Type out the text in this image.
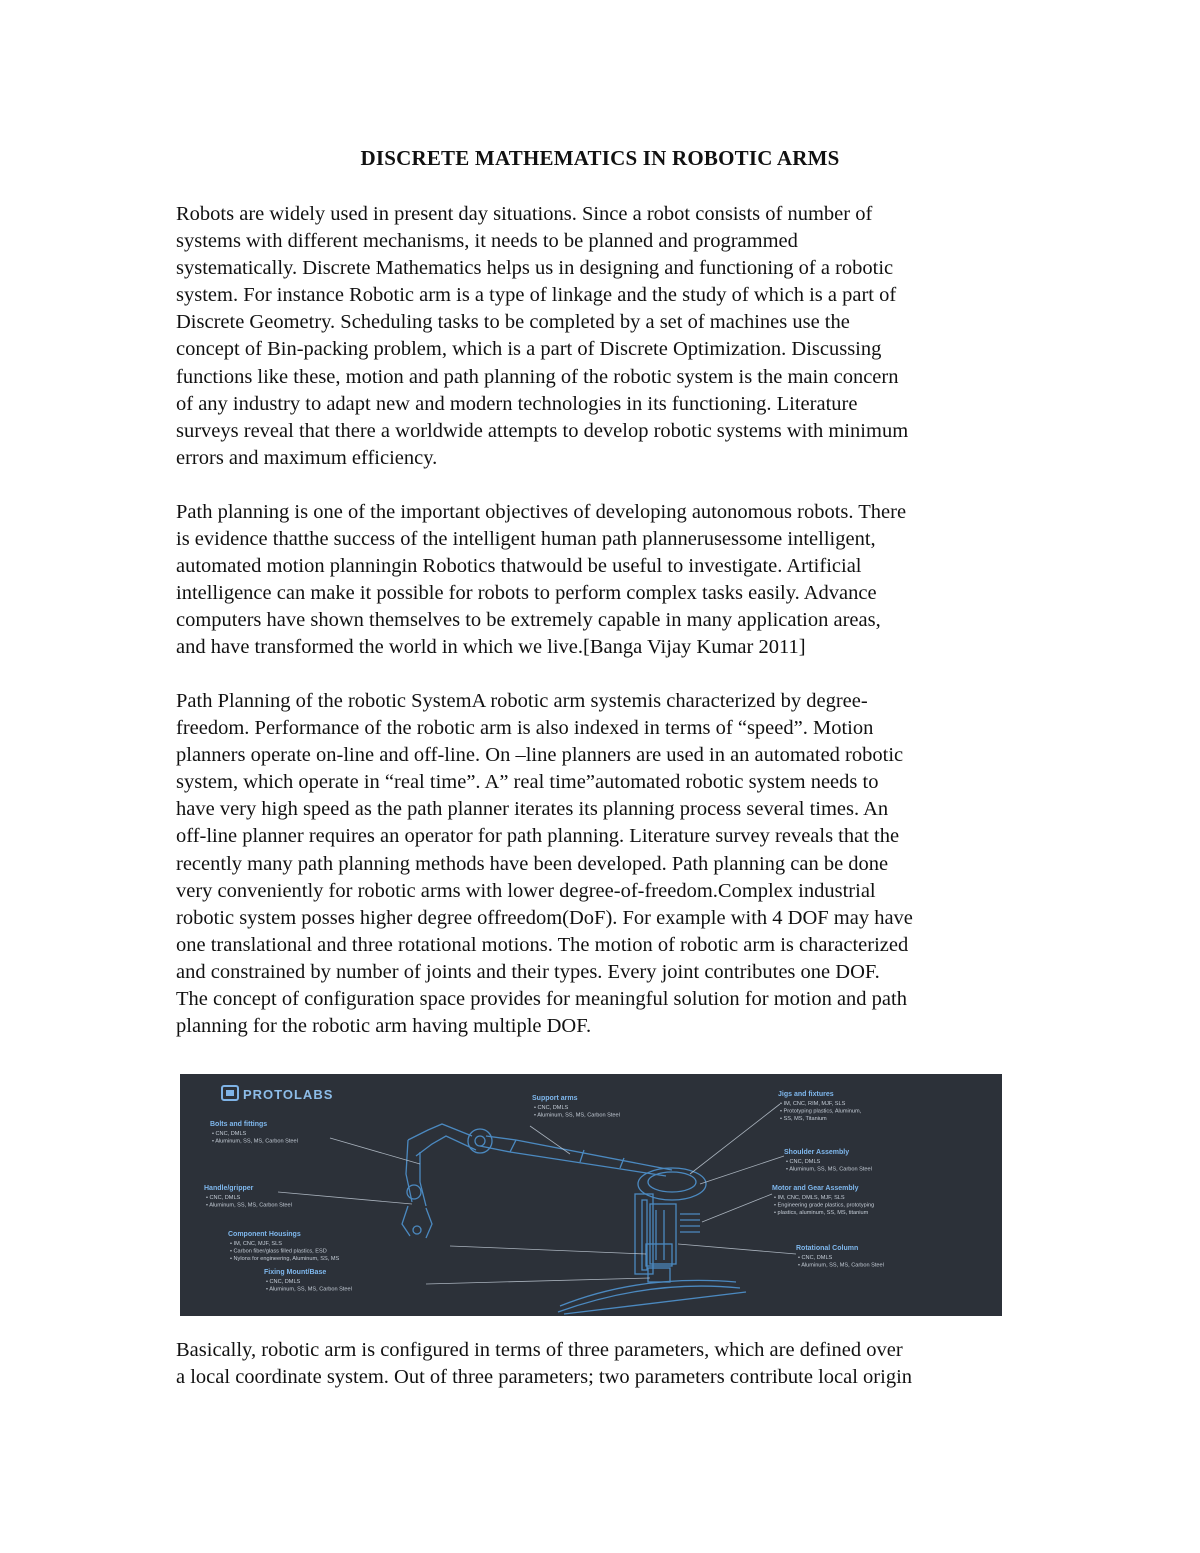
DISCRETE MATHEMATICS IN ROBOTIC ARMS
Robots are widely used in present day situations. Since a robot consists of number of
systems with different mechanisms, it needs to be planned and programmed
systematically. Discrete Mathematics helps us in designing and functioning of a robotic
system. For instance Robotic arm is a type of linkage and the study of which is a part of
Discrete Geometry. Scheduling tasks to be completed by a set of machines use the
concept of Bin-packing problem, which is a part of Discrete Optimization. Discussing
functions like these, motion and path planning of the robotic system is the main concern
of any industry to adapt new and modern technologies in its functioning. Literature
surveys reveal that there a worldwide attempts to develop robotic systems with minimum
errors and maximum efficiency.
Path planning is one of the important objectives of developing autonomous robots. There
is evidence thatthe success of the intelligent human path plannerusessome intelligent,
automated motion planningin Robotics thatwould be useful to investigate. Artificial
intelligence can make it possible for robots to perform complex tasks easily. Advance
computers have shown themselves to be extremely capable in many application areas,
and have transformed the world in which we live.[Banga Vijay Kumar 2011]
Path Planning of the robotic SystemA robotic arm systemis characterized by degree-
freedom. Performance of the robotic arm is also indexed in terms of “speed”. Motion
planners operate on-line and off-line. On –line planners are used in an automated robotic
system, which operate in “real time”. A” real time”automated robotic system needs to
have very high speed as the path planner iterates its planning process several times. An
off-line planner requires an operator for path planning. Literature survey reveals that the
recently many path planning methods have been developed. Path planning can be done
very conveniently for robotic arms with lower degree-of-freedom.Complex industrial
robotic system posses higher degree offreedom(DoF). For example with 4 DOF may have
one translational and three rotational motions. The motion of robotic arm is characterized
and constrained by number of joints and their types. Every joint contributes one DOF.
The concept of configuration space provides for meaningful solution for motion and path
planning for the robotic arm having multiple DOF.
PROTOLABS
Bolts and fittings
• CNC, DMLS
• Aluminum, SS, MS, Carbon Steel
Support arms
• CNC, DMLS
• Aluminum, SS, MS, Carbon Steel
Jigs and fixtures
• IM, CNC, RIM, MJF, SLS
• Prototyping plastics, Aluminum,
• SS, MS, Titanium
Handle/gripper
• CNC, DMLS
• Aluminum, SS, MS, Carbon Steel
Shoulder Assembly
• CNC, DMLS
• Aluminum, SS, MS, Carbon Steel
Motor and Gear Assembly
• IM, CNC, DMLS, MJF, SLS
• Engineering grade plastics, prototyping
• plastics, aluminum, SS, MS, titanium
Component Housings
• IM, CNC, MJF, SLS
• Carbon fiber/glass filled plastics, ESD
• Nylons for engineering, Aluminum, SS, MS
Rotational Column
• CNC, DMLS
• Aluminum, SS, MS, Carbon Steel
Fixing Mount/Base
• CNC, DMLS
• Aluminum, SS, MS, Carbon Steel
Basically, robotic arm is configured in terms of three parameters, which are defined over
a local coordinate system. Out of three parameters; two parameters contribute local origin
